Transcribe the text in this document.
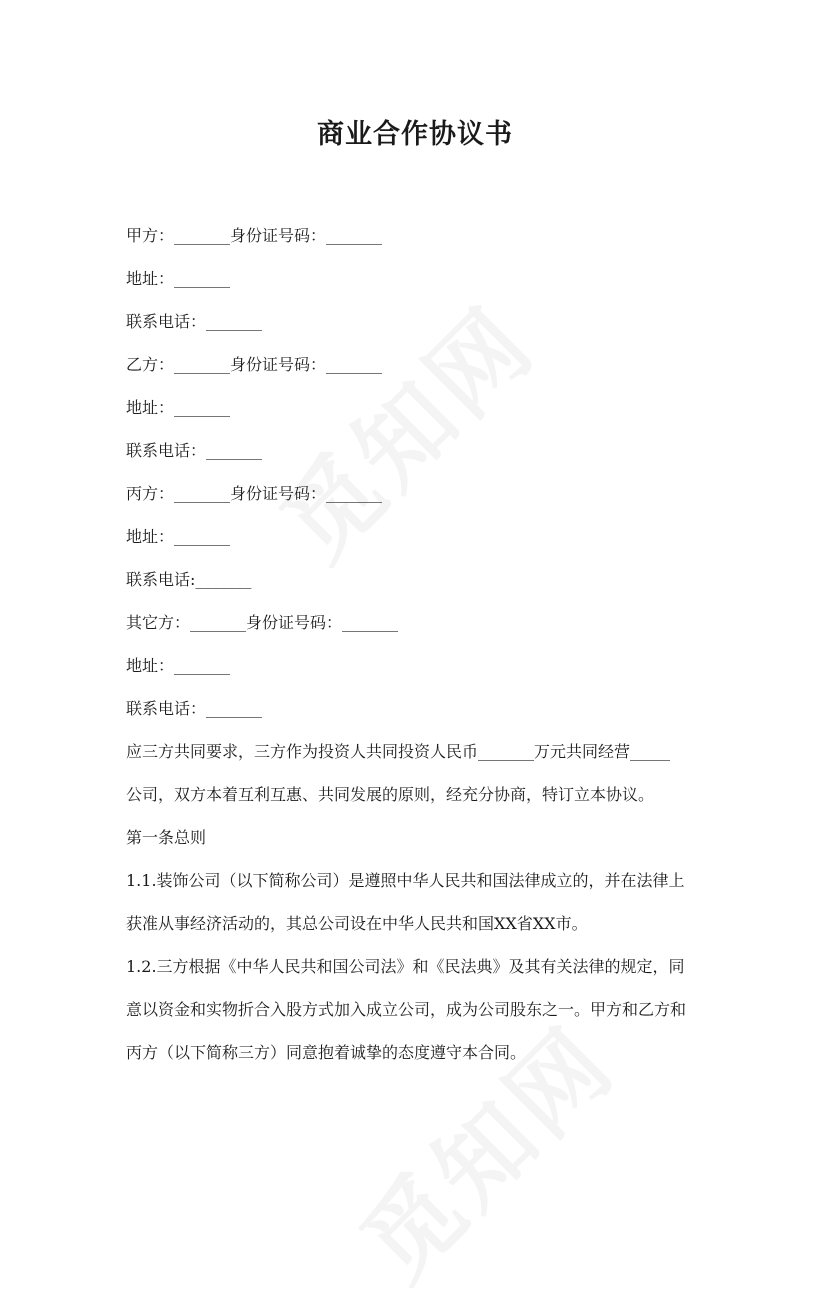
商业合作协议书
甲方：_______身份证号码：_______
地址：_______
联系电话：_______
乙方：_______身份证号码：_______
地址：_______
联系电话：_______
丙方：_______身份证号码：_______
地址：_______
联系电话:_______
其它方：_______身份证号码：_______
地址：_______
联系电话：_______
应三方共同要求，三方作为投资人共同投资人民币_______万元共同经营_____
公司，双方本着互利互惠、共同发展的原则，经充分协商，特订立本协议。
第一条总则
1.1.装饰公司（以下简称公司）是遵照中华人民共和国法律成立的，并在法律上
获准从事经济活动的，其总公司设在中华人民共和国XX省XX市。
1.2.三方根据《中华人民共和国公司法》和《民法典》及其有关法律的规定，同
意以资金和实物折合入股方式加入成立公司，成为公司股东之一。甲方和乙方和
丙方（以下简称三方）同意抱着诚挚的态度遵守本合同。
